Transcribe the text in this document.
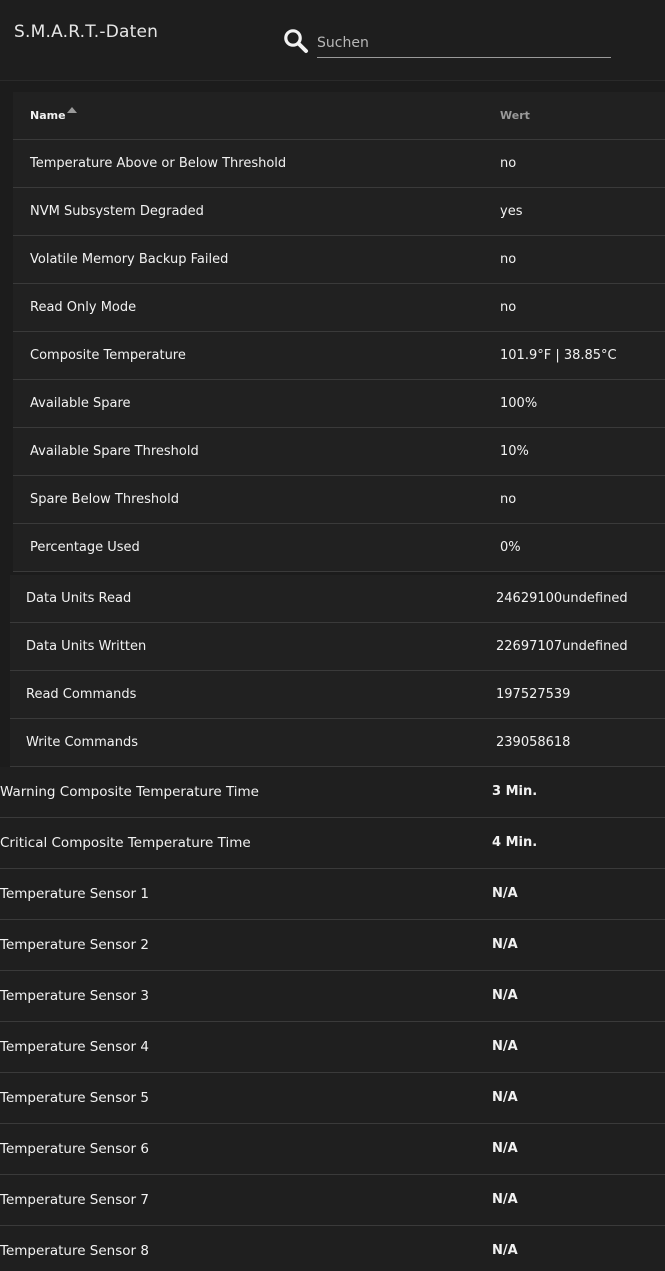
S.M.A.R.T.-Daten
Suchen
Name	Wert
Temperature Above or Below Threshold	no
NVM Subsystem Degraded	yes
Volatile Memory Backup Failed	no
Read Only Mode	no
Composite Temperature	101.9°F | 38.85°C
Available Spare	100%
Available Spare Threshold	10%
Spare Below Threshold	no
Percentage Used	0%
Data Units Read	24629100undefined
Data Units Written	22697107undefined
Read Commands	197527539
Write Commands	239058618
Warning Composite Temperature Time	3 Min.
Critical Composite Temperature Time	4 Min.
Temperature Sensor 1	N/A
Temperature Sensor 2	N/A
Temperature Sensor 3	N/A
Temperature Sensor 4	N/A
Temperature Sensor 5	N/A
Temperature Sensor 6	N/A
Temperature Sensor 7	N/A
Temperature Sensor 8	N/A
